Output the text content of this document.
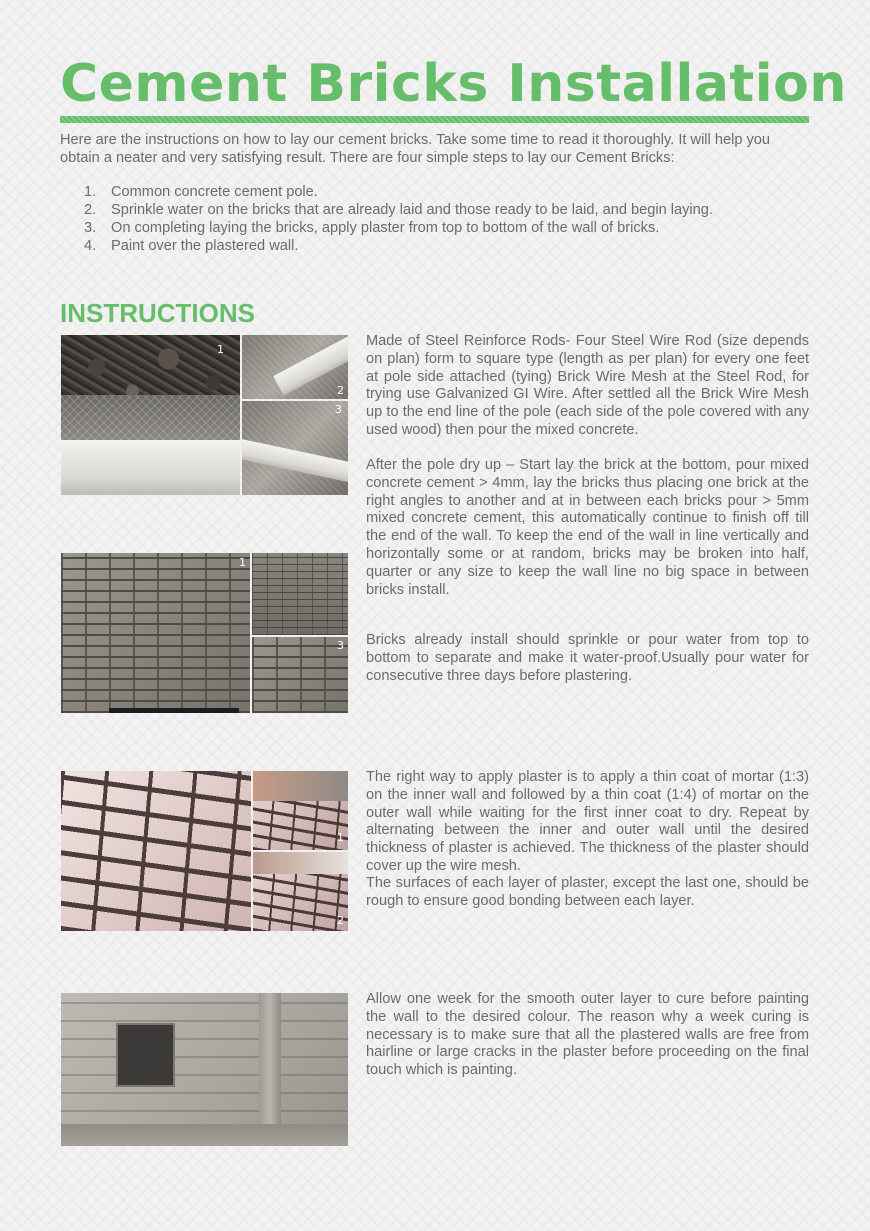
Cement Bricks Installation

Here are the instructions on how to lay our cement bricks. Take some time to read it thoroughly. It will help you obtain a neater and very satisfying result. There are four simple steps to lay our Cement Bricks:

1.	Common concrete cement pole.
2.	Sprinkle water on the bricks that are already laid and those ready to be laid, and begin laying.
3.	On completing laying the bricks, apply plaster from top to bottom of the wall of bricks.
4.	Paint over the plastered wall.
INSTRUCTIONS
1
2
3

Made of Steel Reinforce Rods- Four Steel Wire Rod (size depends on plan) form to square type (length as per plan) for every one feet at pole side attached (tying) Brick Wire Mesh at the Steel Rod, for trying use Galvanized GI Wire. After settled all the Brick Wire Mesh up to the end line of the pole (each side of the pole covered with any used wood) then pour the mixed concrete.

After the pole dry up – Start lay the brick at the bottom, pour mixed concrete cement > 4mm, lay the bricks thus placing one brick at the right angles to another and at in between each bricks pour > 5mm mixed concrete cement, this automatically continue to finish off till the end of the wall. To keep the end of the wall in line vertically and horizontally some or at random, bricks may be broken into half, quarter or any size to keep the wall line no big space in between bricks install.

1
3 Bricks already install should sprinkle or pour water from top to bottom to separate and make it water-proof.Usually pour water for consecutive three days before plastering.

1
2

The right way to apply plaster is to apply a thin coat of mortar (1:3) on the inner wall and followed by a thin coat (1:4) of mortar on the outer wall while waiting for the first inner coat to dry. Repeat by alternating between the inner and outer wall until the desired thickness of plaster is achieved. The thickness of the plaster should cover up the wire mesh.

The surfaces of each layer of plaster, except the last one, should be rough to ensure good bonding between each layer.

Allow one week for the smooth outer layer to cure before painting the wall to the desired colour. The reason why a week curing is necessary is to make sure that all the plastered walls are free from hairline or large cracks in the plaster before proceeding on the final touch which is painting.
